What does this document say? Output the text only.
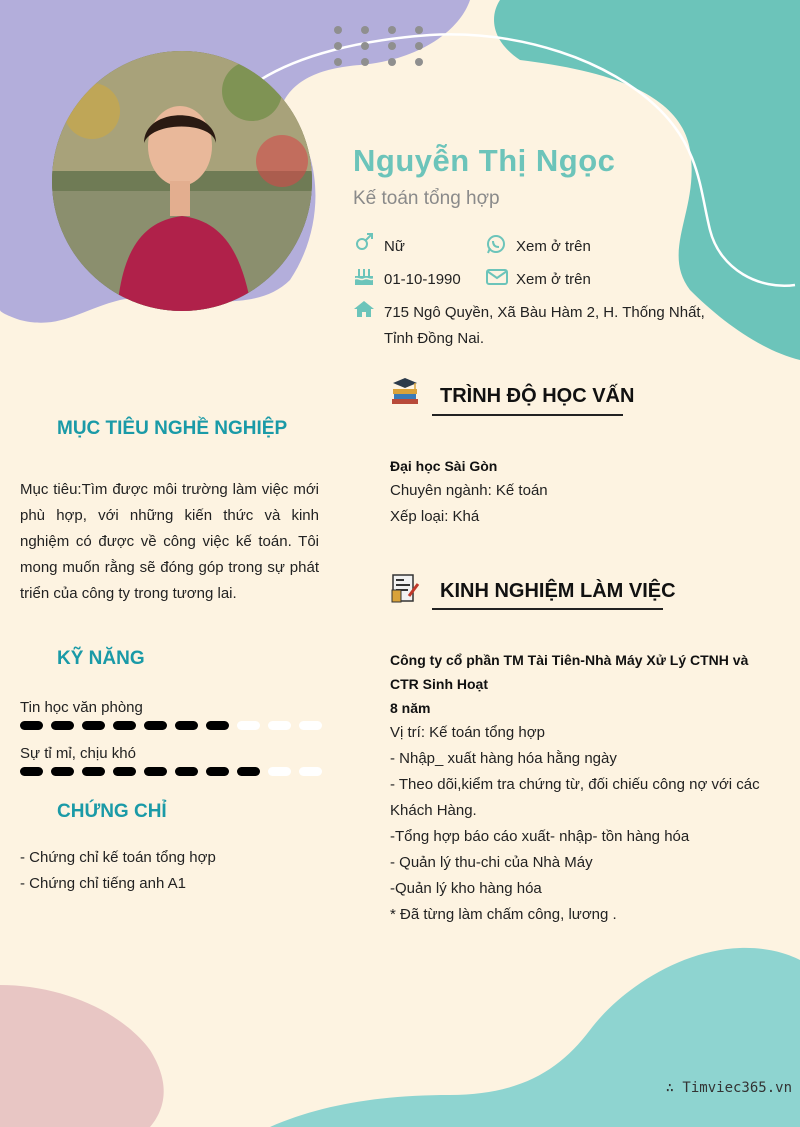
Nguyễn Thị Ngọc
Kế toán tổng hợp
Nữ	Xem ở trên
01-10-1990	Xem ở trên
715 Ngô Quyền, Xã Bàu Hàm 2, H. Thống Nhất,
Tỉnh Đồng Nai.
MỤC TIÊU NGHỀ NGHIỆP
Mục tiêu:Tìm được môi trường làm việc mới phù hợp, với những kiến thức và kinh nghiệm có được về công việc kế toán. Tôi mong muốn rằng sẽ đóng góp trong sự phát triển của công ty trong tương lai.
KỸ NĂNG
Tin học văn phòng
Sự tỉ mỉ, chịu khó
CHỨNG CHỈ
- Chứng chỉ kế toán tổng hợp
- Chứng chỉ tiếng anh A1
TRÌNH ĐỘ HỌC VẤN
Đại học Sài Gòn
Chuyên ngành: Kế toán
Xếp loại: Khá
KINH NGHIỆM LÀM VIỆC
Công ty cổ phần TM Tài Tiên-Nhà Máy Xử Lý CTNH và
CTR Sinh Hoạt
8 năm
Vị trí: Kế toán tổng hợp
- Nhập_ xuất hàng hóa hằng ngày
- Theo dõi,kiểm tra chứng từ, đối chiếu công nợ với các
Khách Hàng.
-Tổng hợp báo cáo xuất- nhập- tồn hàng hóa
- Quản lý thu-chi của Nhà Máy
-Quản lý kho hàng hóa
* Đã từng làm chấm công, lương .
∴ Timviec365.vn
